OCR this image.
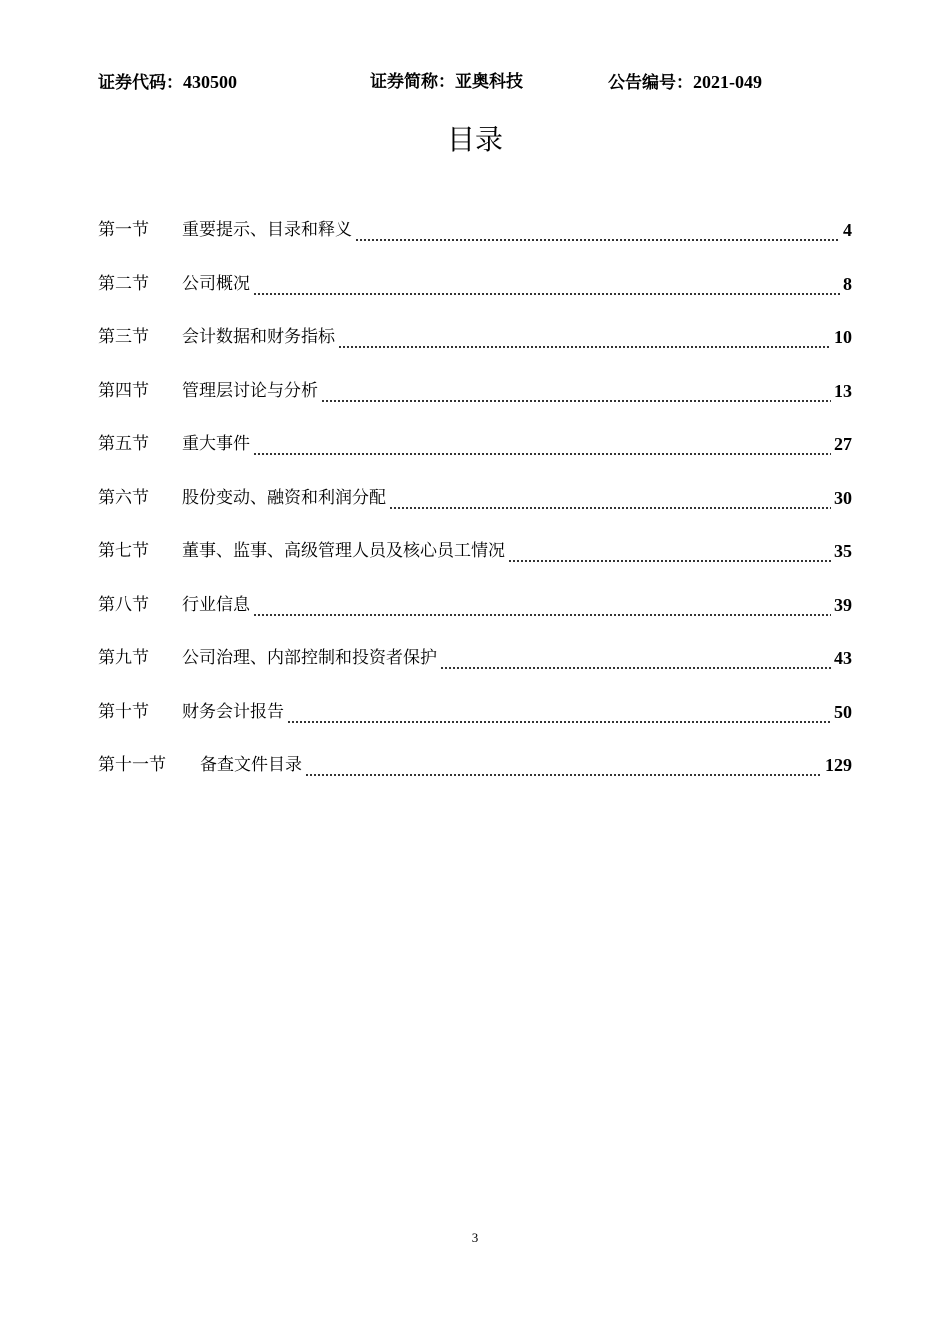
证券代码：430500	证券简称：亚奥科技	公告编号：2021-049
目录
第一节	重要提示、目录和释义	4
第二节	公司概况	8
第三节	会计数据和财务指标	10
第四节	管理层讨论与分析	13
第五节	重大事件	27
第六节	股份变动、融资和利润分配	30
第七节	董事、监事、高级管理人员及核心员工情况	35
第八节	行业信息	39
第九节	公司治理、内部控制和投资者保护	43
第十节	财务会计报告	50
第十一节	备查文件目录	129
3
